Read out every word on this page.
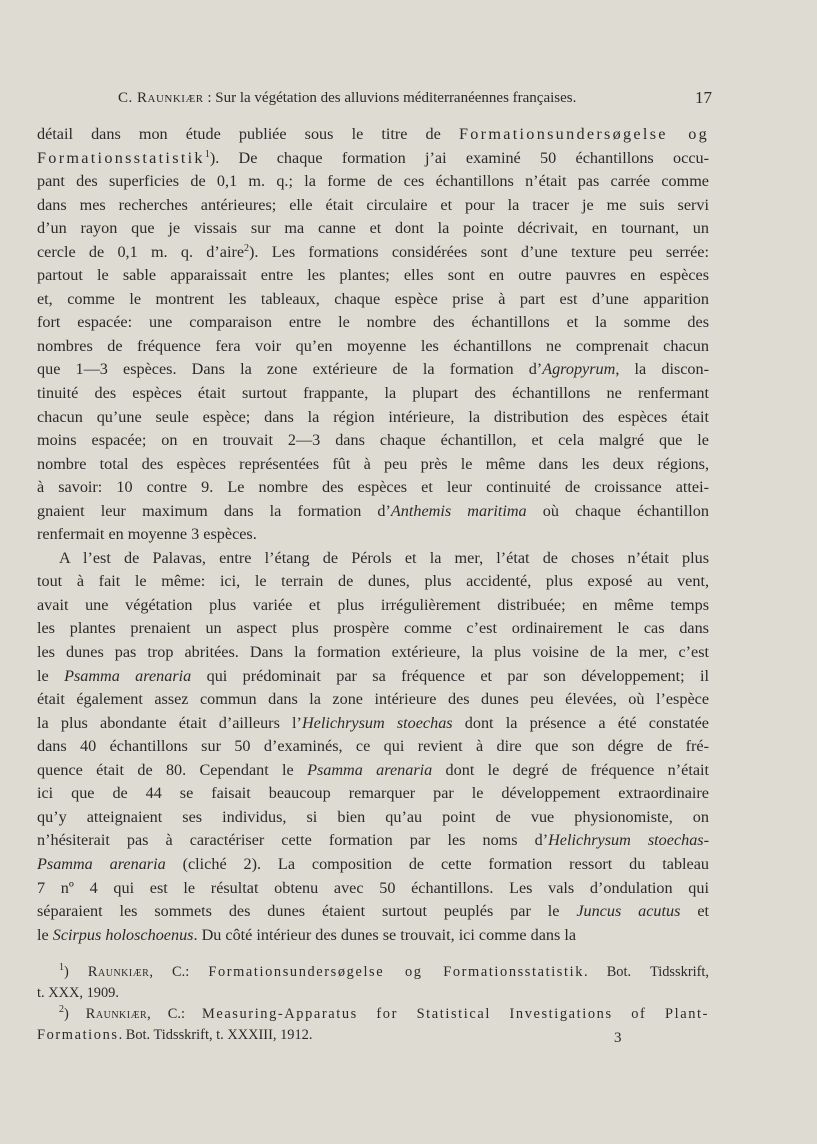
C. Raunkiær : Sur la végétation des alluvions méditerranéennes françaises.	17
détail dans mon étude publiée sous le titre de Formationsundersøgelse og
Formationsstatistik$^1$). De chaque formation j’ai examiné 50 échantillons occu-
pant des superficies de 0,1 m. q.; la forme de ces échantillons n’était pas carrée comme
dans mes recherches antérieures; elle était circulaire et pour la tracer je me suis servi
d’un rayon que je vissais sur ma canne et dont la pointe décrivait, en tournant, un
cercle de 0,1 m. q. d’aire$^2$). Les formations considérées sont d’une texture peu serrée:
partout le sable apparaissait entre les plantes; elles sont en outre pauvres en espèces
et, comme le montrent les tableaux, chaque espèce prise à part est d’une apparition
fort espacée: une comparaison entre le nombre des échantillons et la somme des
nombres de fréquence fera voir qu’en moyenne les échantillons ne comprenait chacun
que 1—3 espèces. Dans la zone extérieure de la formation d’Agropyrum, la discon-
tinuité des espèces était surtout frappante, la plupart des échantillons ne renfermant
chacun qu’une seule espèce; dans la région intérieure, la distribution des espèces était
moins espacée; on en trouvait 2—3 dans chaque échantillon, et cela malgré que le
nombre total des espèces représentées fût à peu près le même dans les deux régions,
à savoir: 10 contre 9. Le nombre des espèces et leur continuité de croissance attei-
gnaient leur maximum dans la formation d’Anthemis maritima où chaque échantillon
renfermait en moyenne 3 espèces.
A l’est de Palavas, entre l’étang de Pérols et la mer, l’état de choses n’était plus
tout à fait le même: ici, le terrain de dunes, plus accidenté, plus exposé au vent,
avait une végétation plus variée et plus irrégulièrement distribuée; en même temps
les plantes prenaient un aspect plus prospère comme c’est ordinairement le cas dans
les dunes pas trop abritées. Dans la formation extérieure, la plus voisine de la mer, c’est
le Psamma arenaria qui prédominait par sa fréquence et par son développement; il
était également assez commun dans la zone intérieure des dunes peu élevées, où l’espèce
la plus abondante était d’ailleurs l’Helichrysum stoechas dont la présence a été constatée
dans 40 échantillons sur 50 d’examinés, ce qui revient à dire que son dégre de fré-
quence était de 80. Cependant le Psamma arenaria dont le degré de fréquence n’était
ici que de 44 se faisait beaucoup remarquer par le développement extraordinaire
qu’y atteignaient ses individus, si bien qu’au point de vue physionomiste, on
n’hésiterait pas à caractériser cette formation par les noms d’Helichrysum stoechas-
Psamma arenaria (cliché 2). La composition de cette formation ressort du tableau
7 nº 4 qui est le résultat obtenu avec 50 échantillons. Les vals d’ondulation qui
séparaient les sommets des dunes étaient surtout peuplés par le Juncus acutus et
le Scirpus holoschoenus. Du côté intérieur des dunes se trouvait, ici comme dans la
$^1$) Raunkiær, C.: Formationsundersøgelse og Formationsstatistik. Bot. Tidsskrift,
t. XXX, 1909.
$^2$) Raunkiær, C.: Measuring-Apparatus for Statistical Investigations of Plant-
Formations. Bot. Tidsskrift, t. XXXIII, 1912.	3
